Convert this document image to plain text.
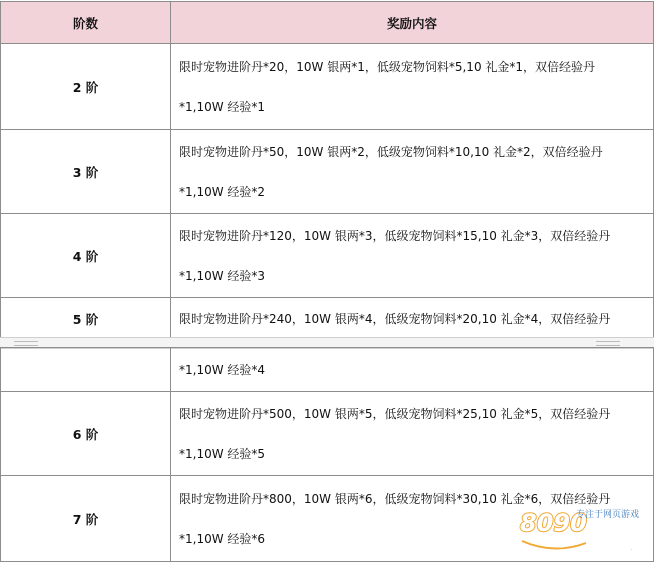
阶数	奖励内容
2 阶	限时宠物进阶丹*20，10W 银两*1，低级宠物饲料*5,10 礼金*1，双倍经验丹
*1,10W 经验*1

3 阶	限时宠物进阶丹*50，10W 银两*2，低级宠物饲料*10,10 礼金*2，双倍经验丹
*1,10W 经验*2

4 阶	限时宠物进阶丹*120，10W 银两*3，低级宠物饲料*15,10 礼金*3，双倍经验丹
*1,10W 经验*3

5 阶	限时宠物进阶丹*240，10W 银两*4，低级宠物饲料*20,10 礼金*4，双倍经验丹

	*1,10W 经验*4

6 阶	限时宠物进阶丹*500，10W 银两*5，低级宠物饲料*25,10 礼金*5，双倍经验丹
*1,10W 经验*5

7 阶	限时宠物进阶丹*800，10W 银两*6，低级宠物饲料*30,10 礼金*6，双倍经验丹
*1,10W 经验*6
8090
专注于网页游戏
游戏
